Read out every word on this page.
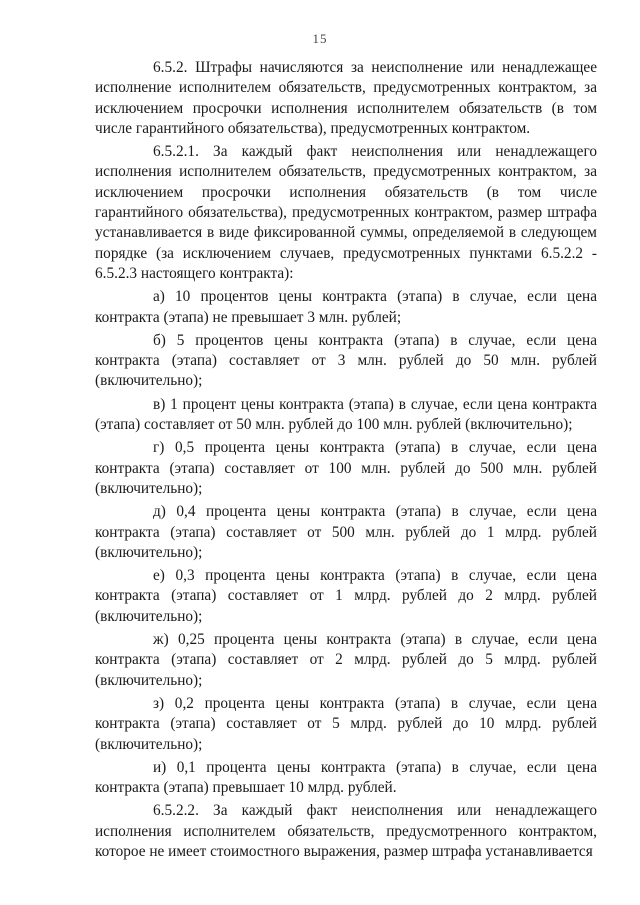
15

6.5.2. Штрафы начисляются за неисполнение или ненадлежащее исполнение исполнителем обязательств, предусмотренных контрактом, за исключением просрочки исполнения исполнителем обязательств (в том числе гарантийного обязательства), предусмотренных контрактом.

6.5.2.1. За каждый факт неисполнения или ненадлежащего исполнения исполнителем обязательств, предусмотренных контрактом, за исключением просрочки исполнения обязательств (в том числе гарантийного обязательства), предусмотренных контрактом, размер штрафа устанавливается в виде фиксированной суммы, определяемой в следующем порядке (за исключением случаев, предусмотренных пунктами 6.5.2.2 - 6.5.2.3 настоящего контракта):

а) 10 процентов цены контракта (этапа) в случае, если цена контракта (этапа) не превышает 3 млн. рублей;

б) 5 процентов цены контракта (этапа) в случае, если цена контракта (этапа) составляет от 3 млн. рублей до 50 млн. рублей (включительно);

в) 1 процент цены контракта (этапа) в случае, если цена контракта (этапа) составляет от 50 млн. рублей до 100 млн. рублей (включительно);

г) 0,5 процента цены контракта (этапа) в случае, если цена контракта (этапа) составляет от 100 млн. рублей до 500 млн. рублей (включительно);

д) 0,4 процента цены контракта (этапа) в случае, если цена контракта (этапа) составляет от 500 млн. рублей до 1 млрд. рублей (включительно);

е) 0,3 процента цены контракта (этапа) в случае, если цена контракта (этапа) составляет от 1 млрд. рублей до 2 млрд. рублей (включительно);

ж) 0,25 процента цены контракта (этапа) в случае, если цена контракта (этапа) составляет от 2 млрд. рублей до 5 млрд. рублей (включительно);

з) 0,2 процента цены контракта (этапа) в случае, если цена контракта (этапа) составляет от 5 млрд. рублей до 10 млрд. рублей (включительно);

и) 0,1 процента цены контракта (этапа) в случае, если цена контракта (этапа) превышает 10 млрд. рублей.

6.5.2.2. За каждый факт неисполнения или ненадлежащего исполнения исполнителем обязательств, предусмотренного контрактом, которое не имеет стоимостного выражения, размер штрафа устанавливается
